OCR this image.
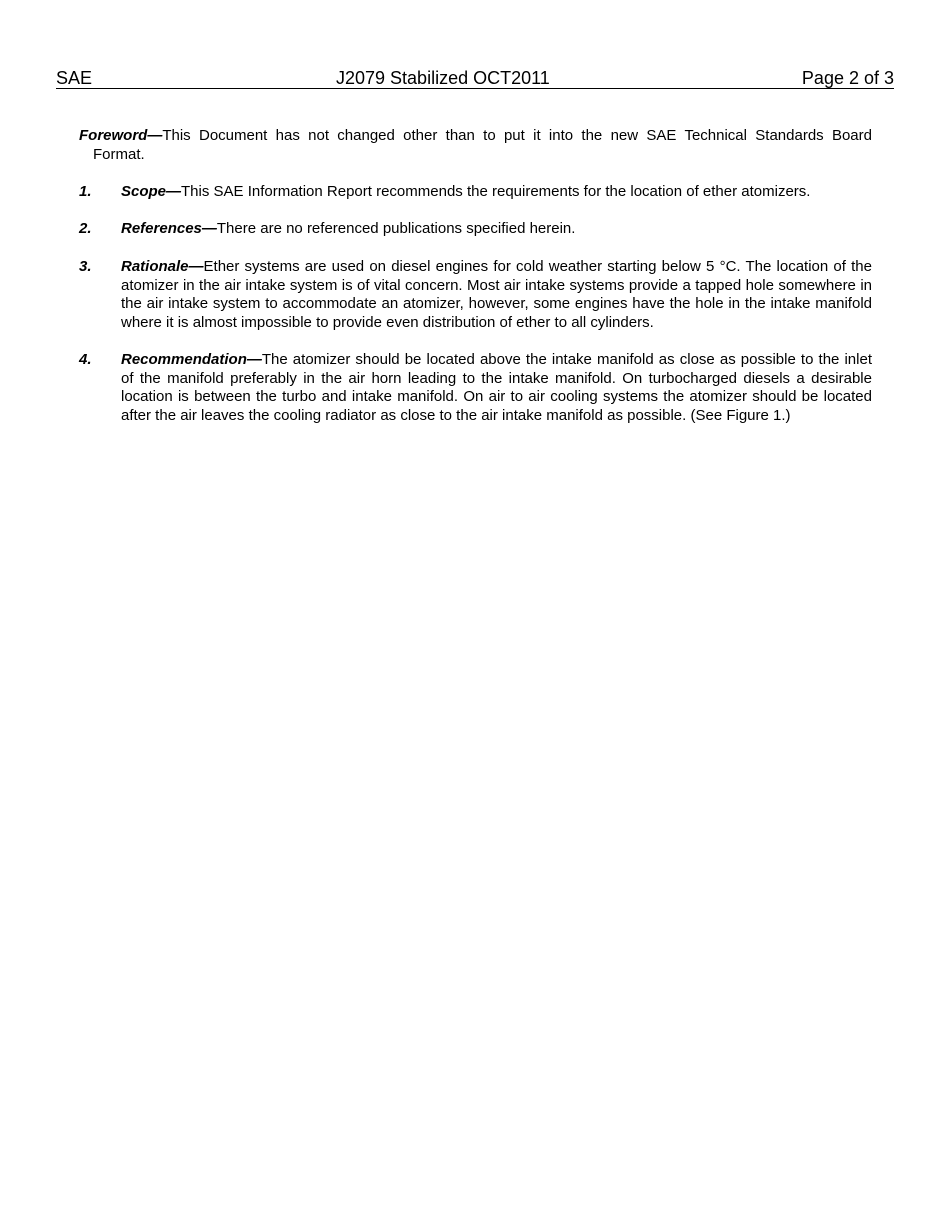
SAE	J2079 Stabilized OCT2011	Page 2 of 3
Foreword—This Document has not changed other than to put it into the new SAE Technical Standards Board
Format.
1. Scope—This SAE Information Report recommends the requirements for the location of ether atomizers.
2. References—There are no referenced publications specified herein.
3. Rationale—Ether systems are used on diesel engines for cold weather starting below 5 °C. The location of the atomizer in the air intake system is of vital concern. Most air intake systems provide a tapped hole somewhere in the air intake system to accommodate an atomizer, however, some engines have the hole in the intake manifold where it is almost impossible to provide even distribution of ether to all cylinders.
4. Recommendation—The atomizer should be located above the intake manifold as close as possible to the inlet of the manifold preferably in the air horn leading to the intake manifold. On turbocharged diesels a desirable location is between the turbo and intake manifold. On air to air cooling systems the atomizer should be located after the air leaves the cooling radiator as close to the air intake manifold as possible. (See Figure 1.)
